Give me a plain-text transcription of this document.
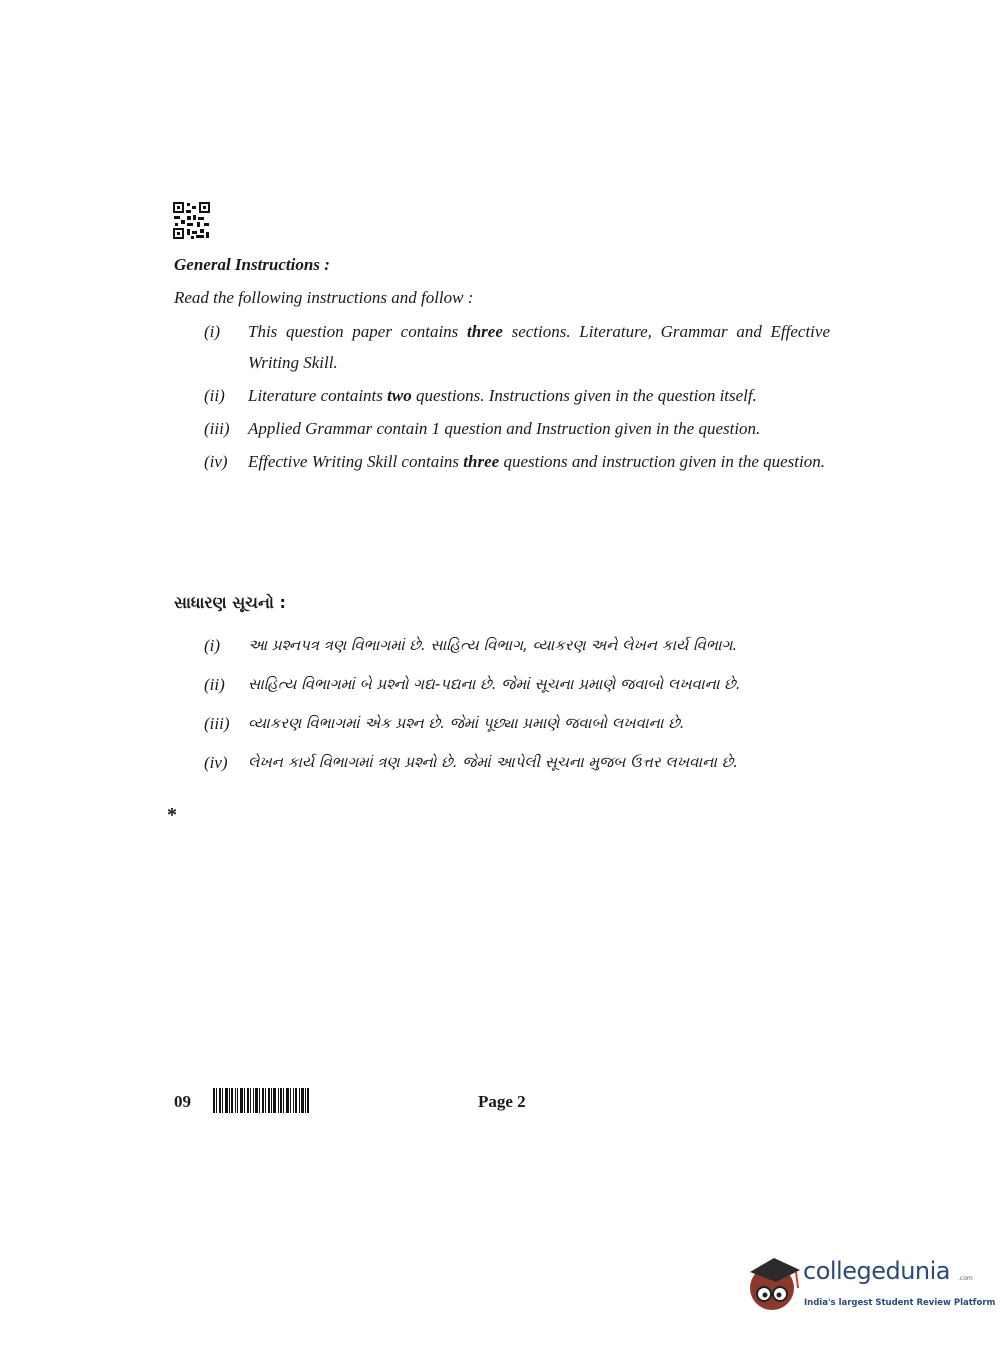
General Instructions :
Read the following instructions and follow :
(i)	This question paper contains three sections. Literature, Grammar and Effective Writing Skill.
(ii)	Literature containts two questions. Instructions given in the question itself.
(iii)	Applied Grammar contain 1 question and Instruction given in the question.
(iv)	Effective Writing Skill contains three questions and instruction given in the question.
સાધારણ સૂચનો :
(i)	આ પ્રશ્નપત્ર ત્રણ વિભાગમાં છે. સાહિત્ય વિભાગ, વ્યાકરણ અને લેખન કાર્ય વિભાગ.
(ii)	સાહિત્ય વિભાગમાં બે પ્રશ્નો ગદ્ય-પદ્યના છે. જેમાં સૂચના પ્રમાણે જવાબો લખવાના છે.
(iii)	વ્યાકરણ વિભાગમાં એક પ્રશ્ન છે. જેમાં પૂછ્યા પ્રમાણે જવાબો લખવાના છે.
(iv)	લેખન કાર્ય વિભાગમાં ત્રણ પ્રશ્નો છે. જેમાં આપેલી સૂચના મુજબ ઉત્તર લખવાના છે.
*
09	Page 2
collegedunia .com
India's largest Student Review Platform
